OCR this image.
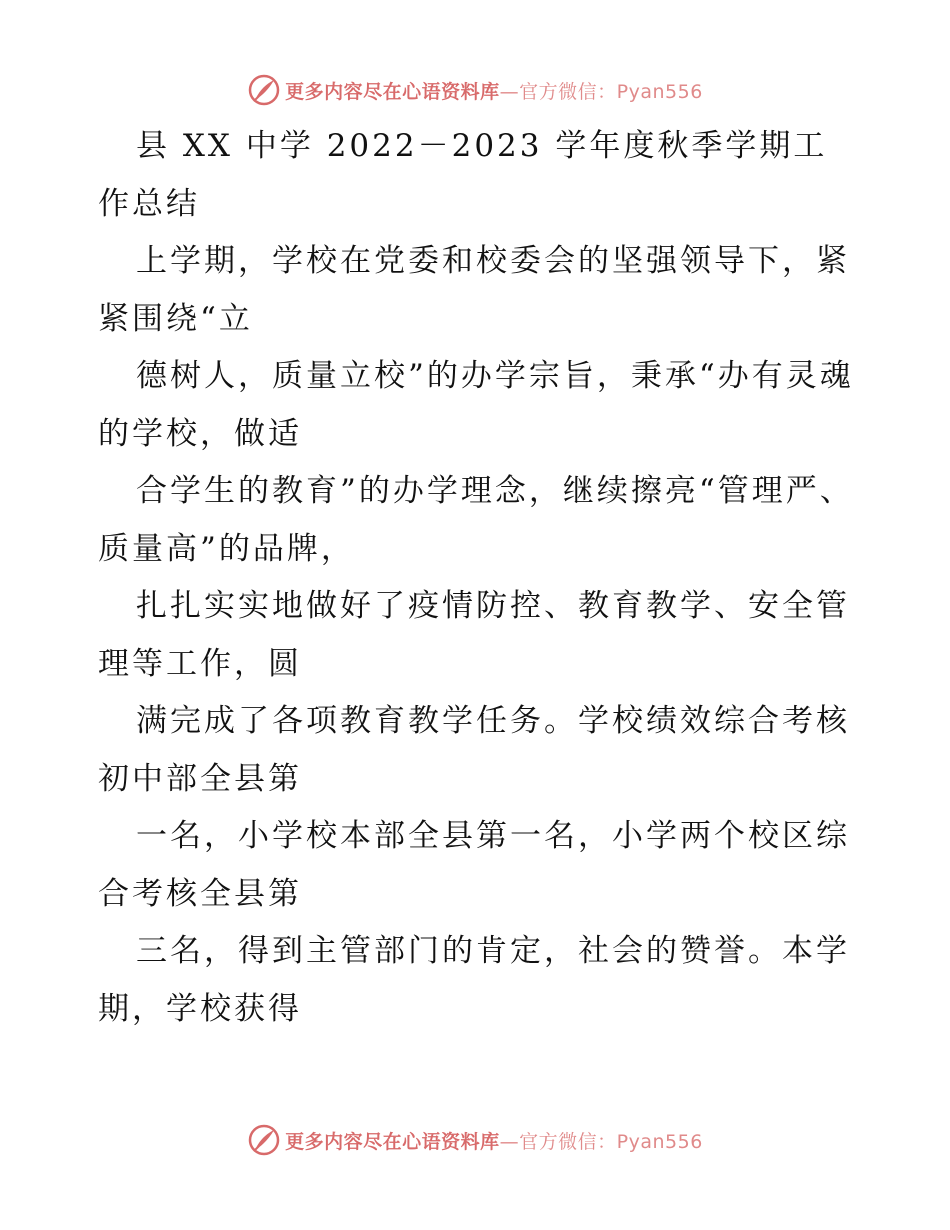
更多内容尽在心语资料库—官方微信：Pyan556

县 XX 中学 2022－2023 学年度秋季学期工作总结

上学期，学校在党委和校委会的坚强领导下，紧紧围绕“立

德树人，质量立校”的办学宗旨，秉承“办有灵魂的学校，做适

合学生的教育”的办学理念，继续擦亮“管理严、质量高”的品牌，

扎扎实实地做好了疫情防控、教育教学、安全管理等工作，圆

满完成了各项教育教学任务。学校绩效综合考核初中部全县第

一名，小学校本部全县第一名，小学两个校区综合考核全县第

三名，得到主管部门的肯定，社会的赞誉。本学期，学校获得

更多内容尽在心语资料库—官方微信：Pyan556
